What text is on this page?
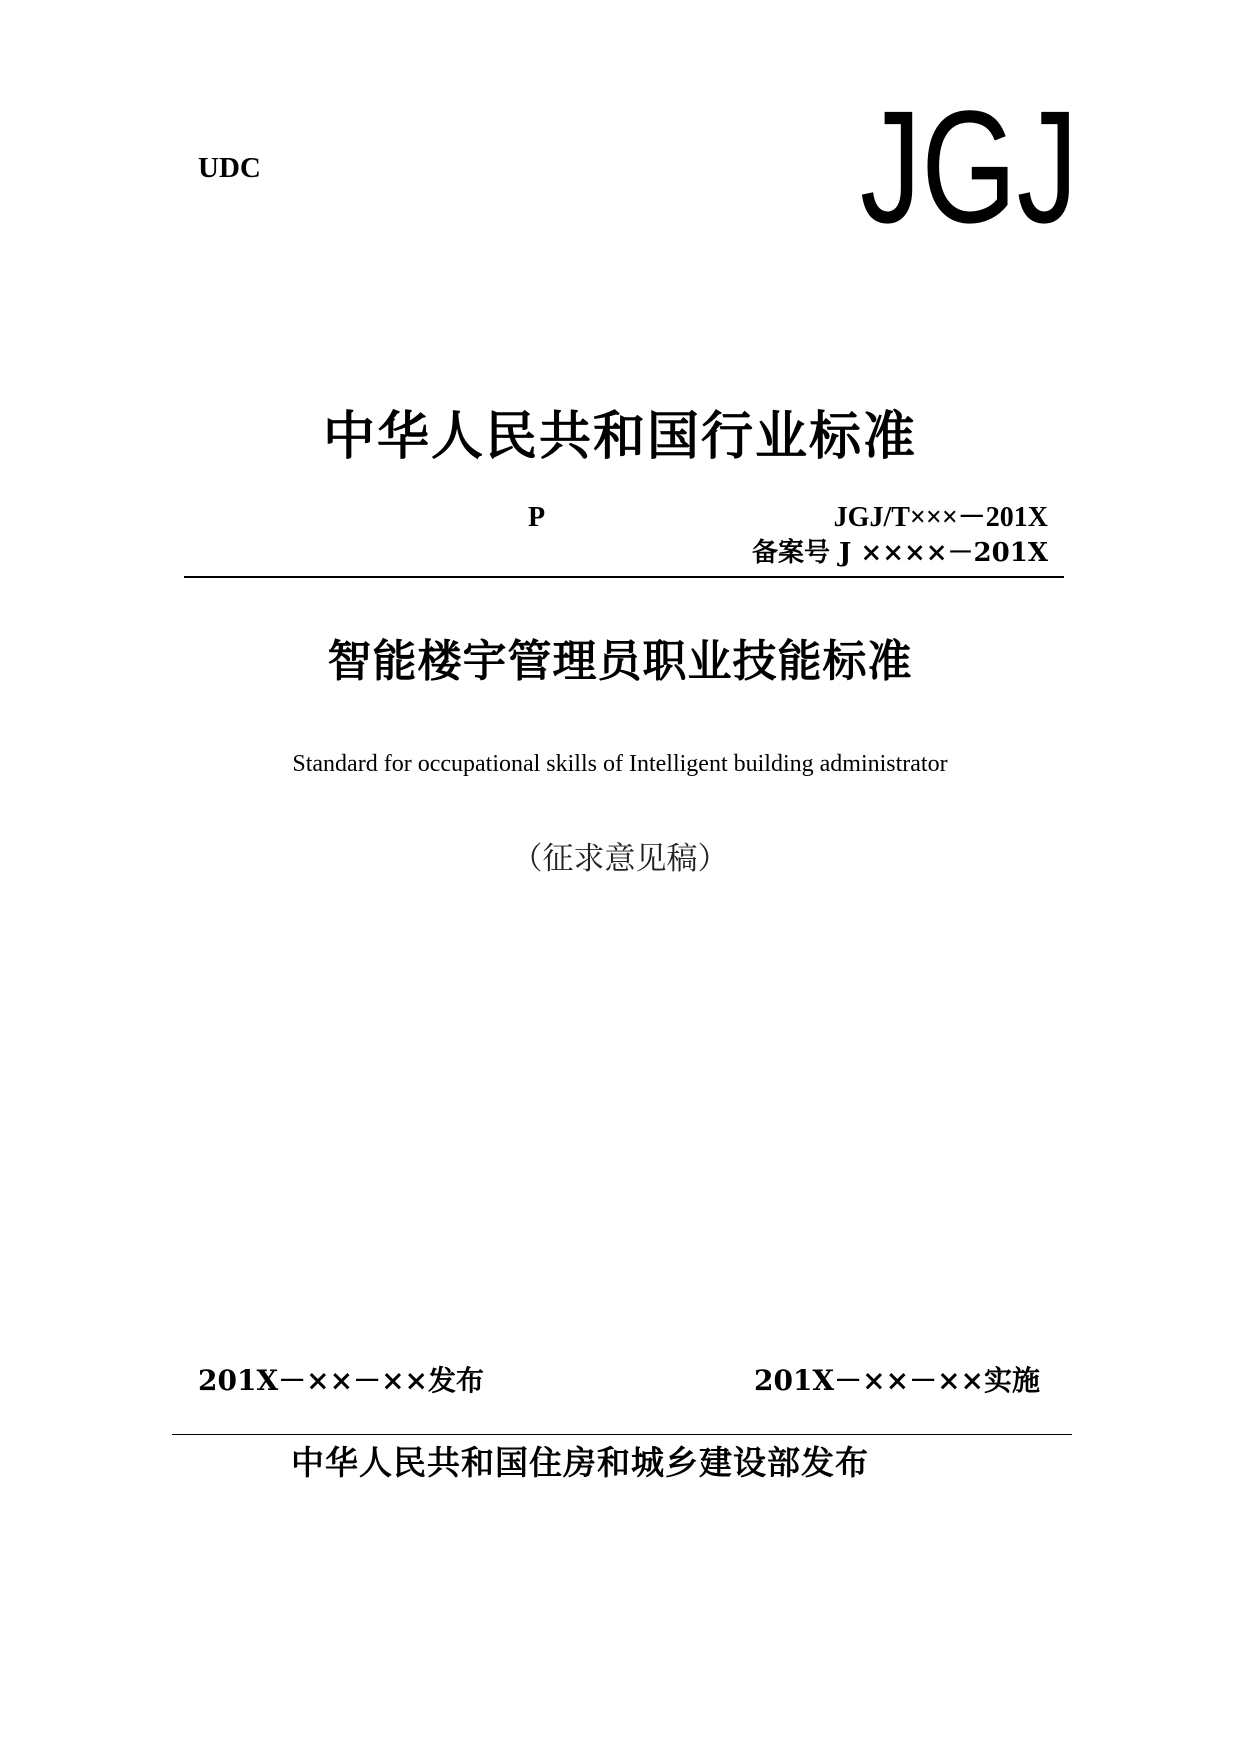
UDC	JGJ
中华人民共和国行业标准
P	JGJ/T×××－201X
备案号 J ××××－201X
智能楼宇管理员职业技能标准
Standard for occupational skills of Intelligent building administrator
（征求意见稿）
201X－××－××发布	201X－××－××实施
中华人民共和国住房和城乡建设部发布
